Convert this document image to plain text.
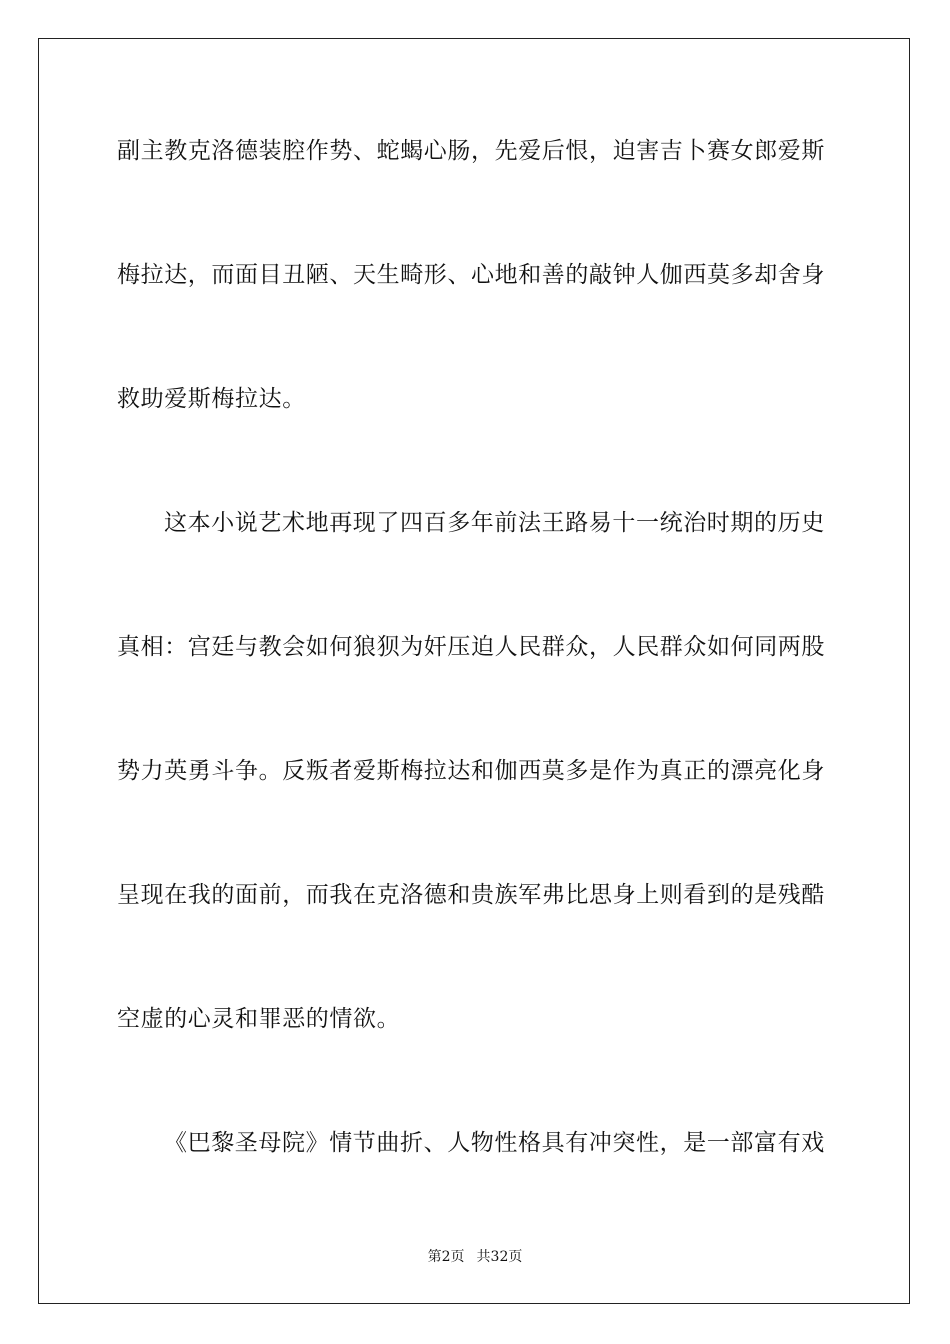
副主教克洛德装腔作势、蛇蝎心肠，先爱后恨，迫害吉卜赛女郎爱斯
梅拉达，而面目丑陋、天生畸形、心地和善的敲钟人伽西莫多却舍身
救助爱斯梅拉达。
这本小说艺术地再现了四百多年前法王路易十一统治时期的历史
真相：宫廷与教会如何狼狈为奸压迫人民群众，人民群众如何同两股
势力英勇斗争。反叛者爱斯梅拉达和伽西莫多是作为真正的漂亮化身
呈现在我的面前，而我在克洛德和贵族军弗比思身上则看到的是残酷
空虚的心灵和罪恶的情欲。
《巴黎圣母院》情节曲折、人物性格具有冲突性，是一部富有戏
第2页 共32页
